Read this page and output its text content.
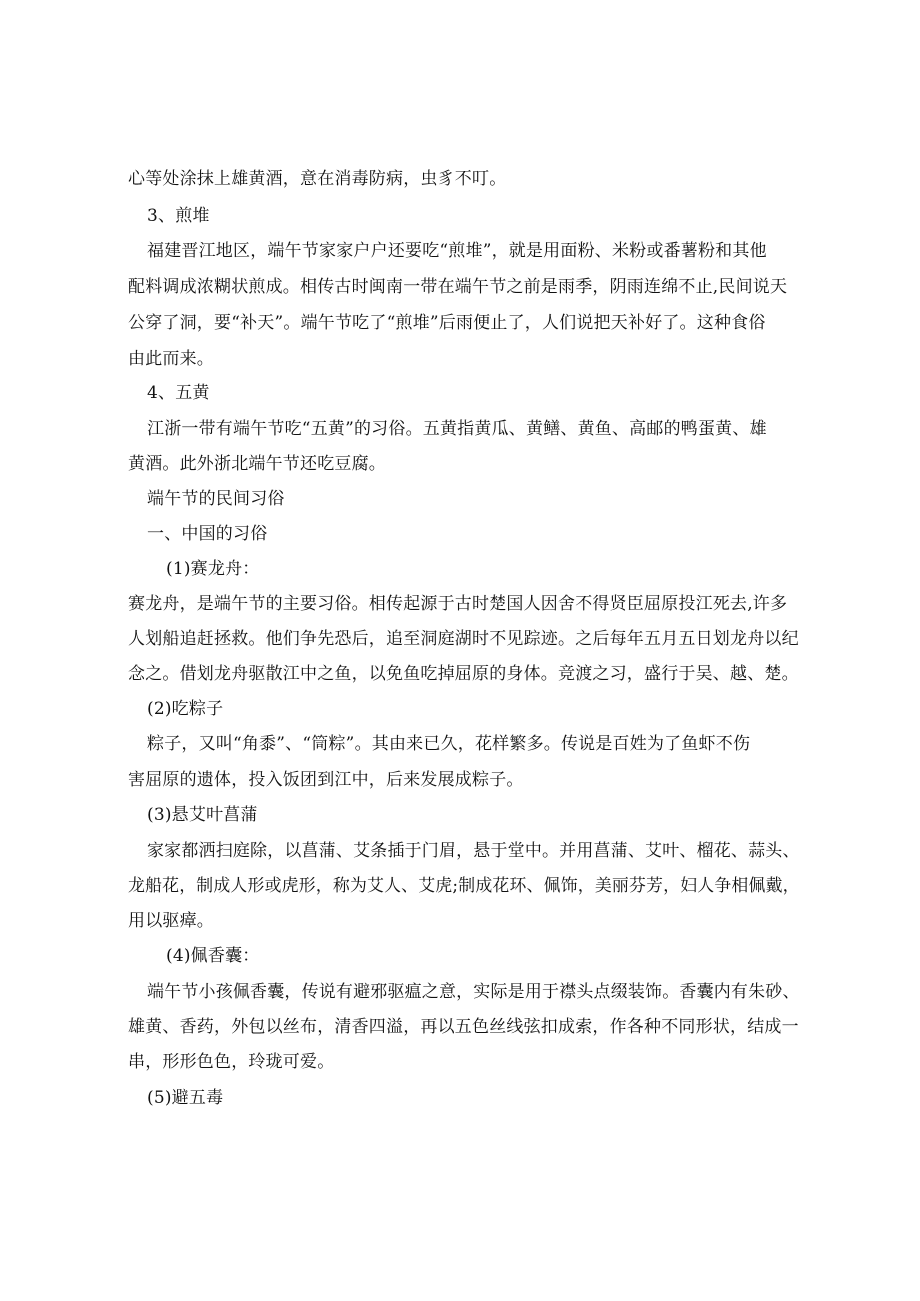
心等处涂抹上雄黄酒，意在消毒防病，虫豸不叮。
3、煎堆
福建晋江地区，端午节家家户户还要吃“煎堆”，就是用面粉、米粉或番薯粉和其他
配料调成浓糊状煎成。相传古时闽南一带在端午节之前是雨季，阴雨连绵不止,民间说天
公穿了洞，要“补天”。端午节吃了“煎堆”后雨便止了，人们说把天补好了。这种食俗
由此而来。
4、五黄
江浙一带有端午节吃“五黄”的习俗。五黄指黄瓜、黄鳝、黄鱼、高邮的鸭蛋黄、雄
黄酒。此外浙北端午节还吃豆腐。
端午节的民间习俗
一、中国的习俗
(1)赛龙舟：
赛龙舟，是端午节的主要习俗。相传起源于古时楚国人因舍不得贤臣屈原投江死去,许多
人划船追赶拯救。他们争先恐后，追至洞庭湖时不见踪迹。之后每年五月五日划龙舟以纪
念之。借划龙舟驱散江中之鱼，以免鱼吃掉屈原的身体。竞渡之习，盛行于吴、越、楚。
(2)吃粽子
粽子，又叫“角黍”、“筒粽”。其由来已久，花样繁多。传说是百姓为了鱼虾不伤
害屈原的遗体，投入饭团到江中，后来发展成粽子。
(3)悬艾叶菖蒲
家家都洒扫庭除，以菖蒲、艾条插于门眉，悬于堂中。并用菖蒲、艾叶、榴花、蒜头、
龙船花，制成人形或虎形，称为艾人、艾虎;制成花环、佩饰，美丽芬芳，妇人争相佩戴，
用以驱瘴。
(4)佩香囊：
端午节小孩佩香囊，传说有避邪驱瘟之意，实际是用于襟头点缀装饰。香囊内有朱砂、
雄黄、香药，外包以丝布，清香四溢，再以五色丝线弦扣成索，作各种不同形状，结成一
串，形形色色，玲珑可爱。
(5)避五毒
